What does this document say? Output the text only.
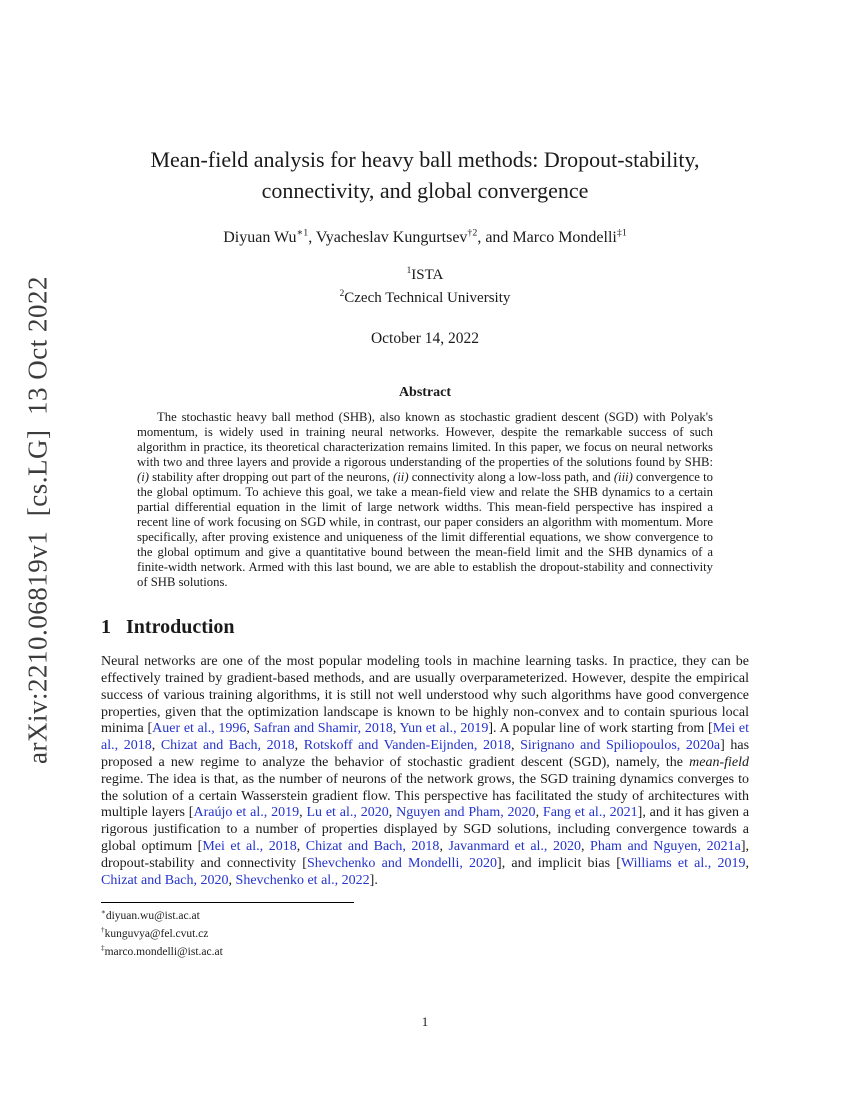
arXiv:2210.06819v1  [cs.LG]  13 Oct 2022
Mean-field analysis for heavy ball methods: Dropout-stability,
connectivity, and global convergence
Diyuan $Wu^{∗1}$, Vyacheslav Kungurtsev$^{\dagger 2}$, and Marco Mondelli$^{\ddagger 1}$
$^1$ISTA
$^2$Czech Technical University
October 14, 2022
Abstract

The stochastic heavy ball method (SHB), also known as stochastic gradient descent (SGD) with Polyak's momentum, is widely used in training neural networks. However, despite the remarkable success of such algorithm in practice, its theoretical characterization remains limited. In this paper, we focus on neural networks with two and three layers and provide a rigorous understanding of the properties of the solutions found by SHB: (i) stability after dropping out part of the neurons, (ii) connectivity along a low-loss path, and (iii) convergence to the global optimum. To achieve this goal, we take a mean-field view and relate the SHB dynamics to a certain partial differential equation in the limit of large network widths. This mean-field perspective has inspired a recent line of work focusing on SGD while, in contrast, our paper considers an algorithm with momentum. More specifically, after proving existence and uniqueness of the limit differential equations, we show convergence to the global optimum and give a quantitative bound between the mean-field limit and the SHB dynamics of a finite-width network. Armed with this last bound, we are able to establish the dropout-stability and connectivity of SHB solutions.

1 Introduction

Neural networks are one of the most popular modeling tools in machine learning tasks. In practice, they can be effectively trained by gradient-based methods, and are usually overparameterized. However, despite the empirical success of various training algorithms, it is still not well understood why such algorithms have good convergence properties, given that the optimization landscape is known to be highly non-convex and to contain spurious local minima [Auer et al., 1996, Safran and Shamir, 2018, Yun et al., 2019]. A popular line of work starting from [Mei et al., 2018, Chizat and Bach, 2018, Rotskoff and Vanden-Eijnden, 2018, Sirignano and Spiliopoulos, 2020a] has proposed a new regime to analyze the behavior of stochastic gradient descent (SGD), namely, the mean-field regime. The idea is that, as the number of neurons of the network grows, the SGD training dynamics converges to the solution of a certain Wasserstein gradient flow. This perspective has facilitated the study of architectures with multiple layers [Araújo et al., 2019, Lu et al., 2020, Nguyen and Pham, 2020, Fang et al., 2021], and it has given a rigorous justification to a number of properties displayed by SGD solutions, including convergence towards a global optimum [Mei et al., 2018, Chizat and Bach, 2018, Javanmard et al., 2020, Pham and Nguyen, 2021a], dropout-stability and connectivity [Shevchenko and Mondelli, 2020], and implicit bias [Williams et al., 2019, Chizat and Bach, 2020, Shevchenko et al., 2022].

∗diyuan.wu@ist.ac.at
†kunguvya@fel.cvut.cz
‡marco.mondelli@ist.ac.at
1
